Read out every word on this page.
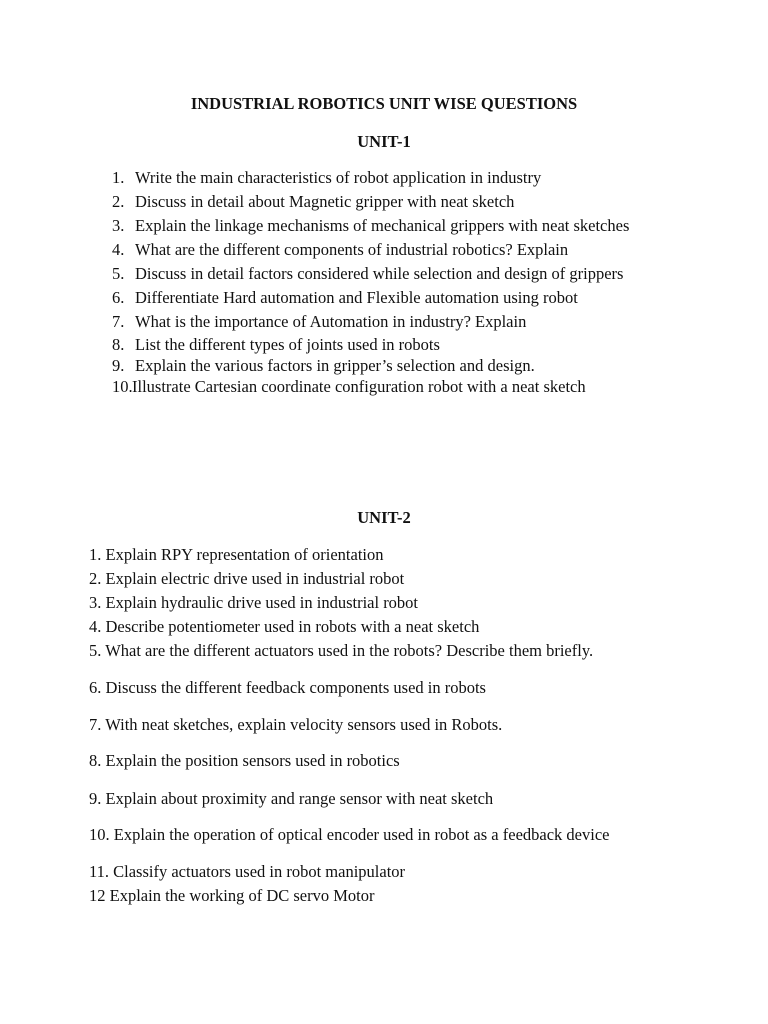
INDUSTRIAL ROBOTICS UNIT WISE QUESTIONS
UNIT-1
1. Write the main characteristics of robot application in industry
2. Discuss in detail about Magnetic gripper with neat sketch
3. Explain the linkage mechanisms of mechanical grippers with neat sketches
4. What are the different components of industrial robotics? Explain
5. Discuss in detail factors considered while selection and design of grippers
6. Differentiate Hard automation and Flexible automation using robot
7. What is the importance of Automation in industry? Explain
8. List the different types of joints used in robots
9. Explain the various factors in gripper’s selection and design.
10.Illustrate Cartesian coordinate configuration robot with a neat sketch
UNIT-2
1. Explain RPY representation of orientation
2. Explain electric drive used in industrial robot
3. Explain hydraulic drive used in industrial robot
4. Describe potentiometer used in robots with a neat sketch
5. What are the different actuators used in the robots? Describe them briefly.
6. Discuss the different feedback components used in robots
7. With neat sketches, explain velocity sensors used in Robots.
8. Explain the position sensors used in robotics
9. Explain about proximity and range sensor with neat sketch
10. Explain the operation of optical encoder used in robot as a feedback device
11. Classify actuators used in robot manipulator
12 Explain the working of DC servo Motor
